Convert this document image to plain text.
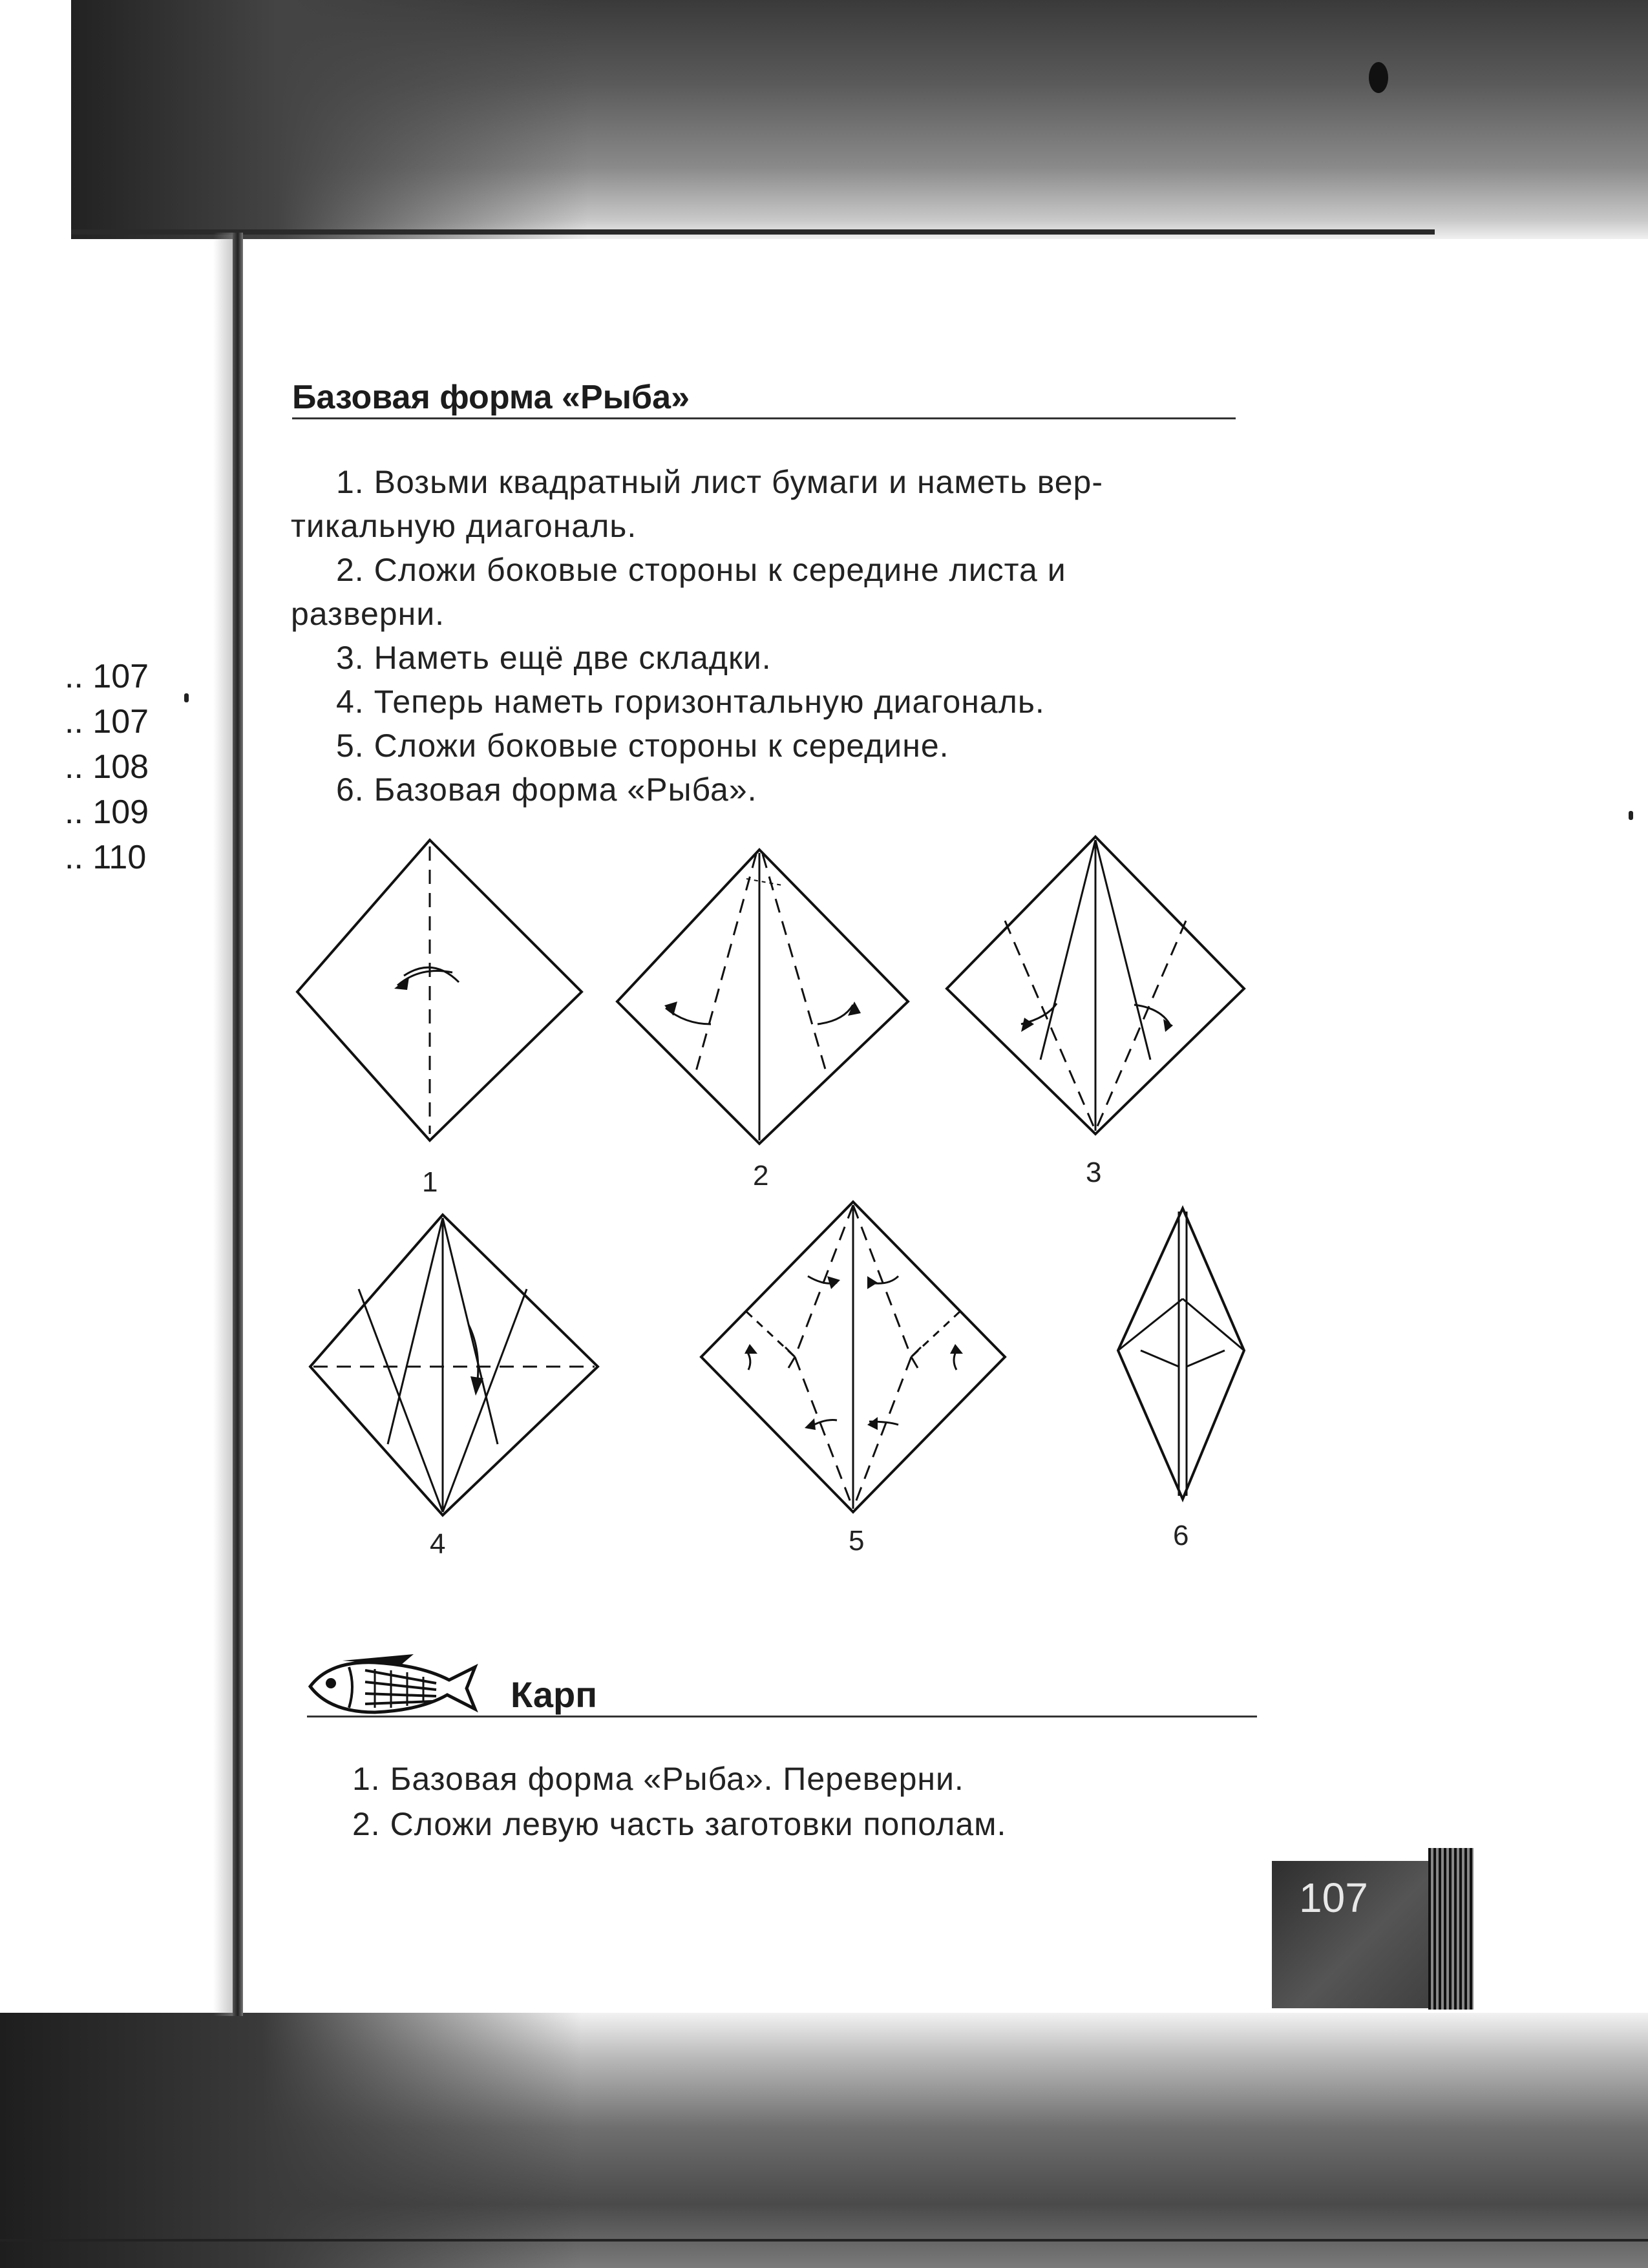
.. 107
.. 107
.. 108
.. 109
.. 110
Базовая форма «Рыба»

1. Возьми квадратный лист бумаги и наметь вер-

тикальную диагональ.

2. Сложи боковые стороны к середине листа и

разверни.

3. Наметь ещё две складки.

4. Теперь наметь горизонтальную диагональ.

5. Сложи боковые стороны к середине.

6. Базовая форма «Рыба».

1	2	3
4	5	6
Карп

1. Базовая форма «Рыба». Переверни.

2. Сложи левую часть заготовки пополам.

107
